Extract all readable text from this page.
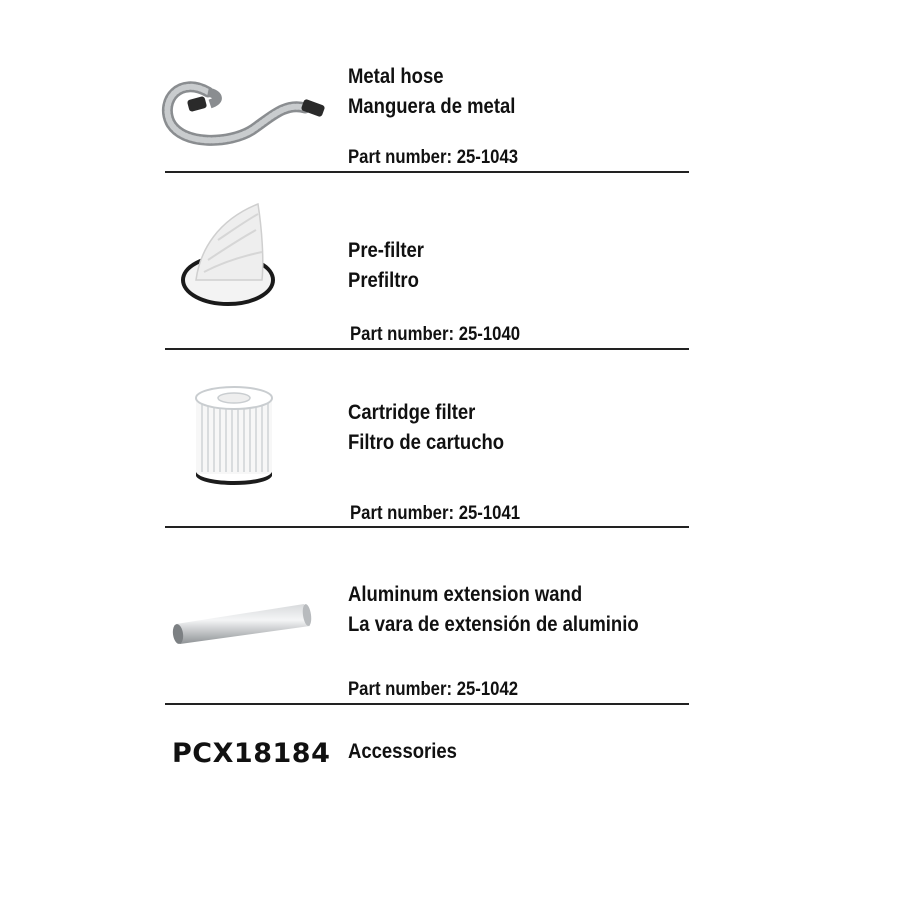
Metal hose
Manguera de metal
Part number: 25-1043
Pre-filter
Prefiltro
Part number: 25-1040
Cartridge filter
Filtro de cartucho
Part number: 25-1041
Aluminum extension wand
La vara de extensión de aluminio
Part number: 25-1042
PCX18184 Accessories
